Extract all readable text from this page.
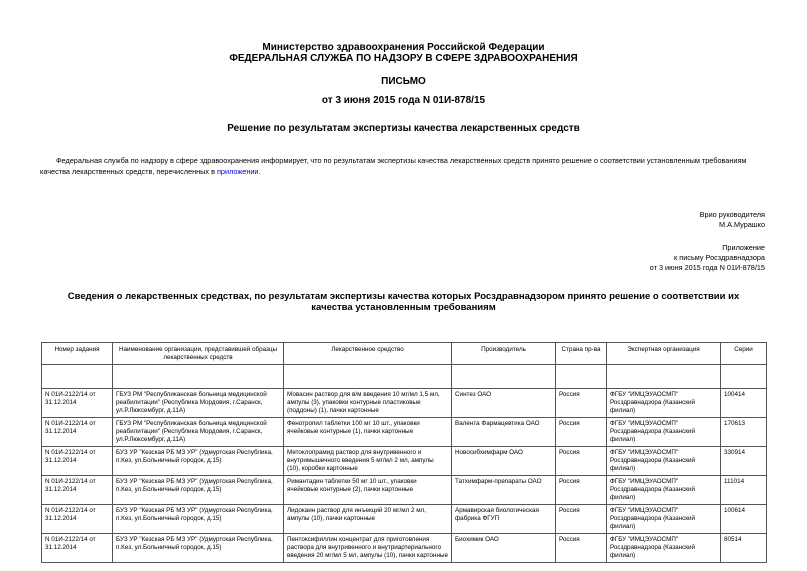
Министерство здравоохранения Российской Федерации
ФЕДЕРАЛЬНАЯ СЛУЖБА ПО НАДЗОРУ В СФЕРЕ ЗДРАВООХРАНЕНИЯ
ПИСЬМО
от 3 июня 2015 года N 01И-878/15
Решение по результатам экспертизы качества лекарственных средств
Федеральная служба по надзору в сфере здравоохранения информирует, что по результатам экспертизы качества лекарственных средств принято решение о соответствии установленным требованиям качества лекарственных средств, перечисленных в приложении.
Врио руководителя
М.А.Мурашко
Приложение
к письму Росздравнадзора
от 3 июня 2015 года N 01И-878/15
Сведения о лекарственных средствах, по результатам экспертизы качества которых Росздравнадзором принято решение о соответствии их качества установленным требованиям
Номер задания	Наименование организации, представившей образцы лекарственных средств	Лекарственное средство	Производитель	Страна пр-ва	Экспертная организация	Серии

N 01И-2122/14 от 31.12.2014	ГБУЗ РМ "Республиканская больница медицинской реабилитации" (Республика Мордовия, г.Саранск, ул.Р.Люксембург, д.11А)	Мовасин раствор для в/м введения 10 мг/мл 1,5 мл, ампулы (3), упаковки контурные пластиковые (поддоны) (1), пачки картонные	Синтез ОАО	Россия	ФГБУ "ИМЦЭУАОСМП" Росздравнадзора (Казанский филиал)	100414
N 01И-2122/14 от 31.12.2014	ГБУЗ РМ "Республиканская больница медицинской реабилитации" (Республика Мордовия, г.Саранск, ул.Р.Люксембург, д.11А)	Фенотропил таблетки 100 мг 10 шт., упаковки ячейковые контурные (1), пачки картонные	Валента Фармацевтика ОАО	Россия	ФГБУ "ИМЦЭУАОСМП" Росздравнадзора (Казанский филиал)	170613
N 01И-2122/14 от 31.12.2014	БУЗ УР "Кезская РБ МЗ УР" (Удмуртская Республика, п.Кез, ул.Больничный городок, д.15)	Метоклопрамид раствор для внутривенного и внутримышечного введения 5 мг/мл 2 мл, ампулы (10), коробки картонные	Новосибхимфарм ОАО	Россия	ФГБУ "ИМЦЭУАОСМП" Росздравнадзора (Казанский филиал)	330914
N 01И-2122/14 от 31.12.2014	БУЗ УР "Кезская РБ МЗ УР" (Удмуртская Республика, п.Кез, ул.Больничный городок, д.15)	Римантадин таблетки 50 мг 10 шт., упаковки ячейковые контурные (2), пачки картонные	Татхимфарм-препараты ОАО	Россия	ФГБУ "ИМЦЭУАОСМП" Росздравнадзора (Казанский филиал)	111014
N 01И-2122/14 от 31.12.2014	БУЗ УР "Кезская РБ МЗ УР" (Удмуртская Республика, п.Кез, ул.Больничный городок, д.15)	Лидокаин раствор для инъекций 20 мг/мл 2 мл, ампулы (10), пачки картонные	Армавирская биологическая фабрика ФГУП	Россия	ФГБУ "ИМЦЭУАОСМП" Росздравнадзора (Казанский филиал)	100614
N 01И-2122/14 от 31.12.2014	БУЗ УР "Кезская РБ МЗ УР" (Удмуртская Республика, п.Кез, ул.Больничный городок, д.15)	Пентоксифиллин концентрат для приготовления раствора для внутривенного и внутриартериального введения 20 мг/мл 5 мл, ампулы (10), пачки картонные	Биохимик ОАО	Россия	ФГБУ "ИМЦЭУАОСМП" Росздравнадзора (Казанский филиал)	80514
